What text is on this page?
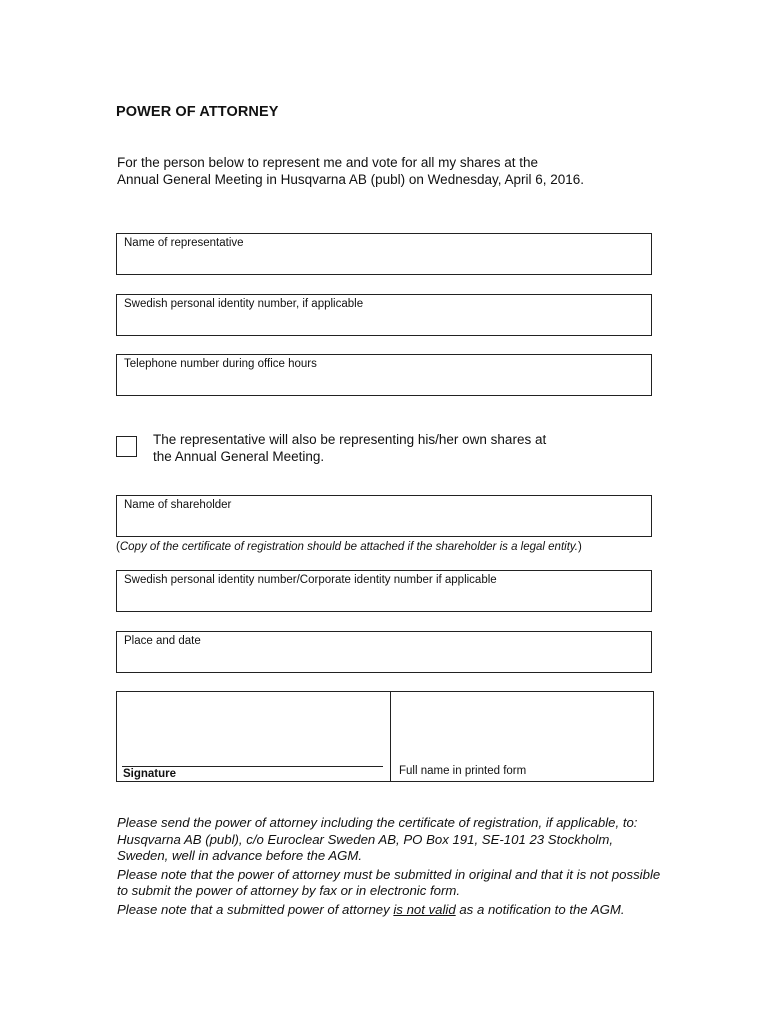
POWER OF ATTORNEY
For the person below to represent me and vote for all my shares at the
Annual General Meeting in Husqvarna AB (publ) on Wednesday, April 6, 2016.
Name of representative
Swedish personal identity number, if applicable
Telephone number during office hours
The representative will also be representing his/her own shares at
the Annual General Meeting.
Name of shareholder
(Copy of the certificate of registration should be attached if the shareholder is a legal entity.)
Swedish personal identity number/Corporate identity number if applicable
Place and date
Signature	Full name in printed form

Please send the power of attorney including the certificate of registration, if applicable, to: Husqvarna AB (publ), c/o Euroclear Sweden AB, PO Box 191, SE-101 23 Stockholm, Sweden, well in advance before the AGM.

Please note that the power of attorney must be submitted in original and that it is not possible to submit the power of attorney by fax or in electronic form.

Please note that a submitted power of attorney is not valid as a notification to the AGM.
